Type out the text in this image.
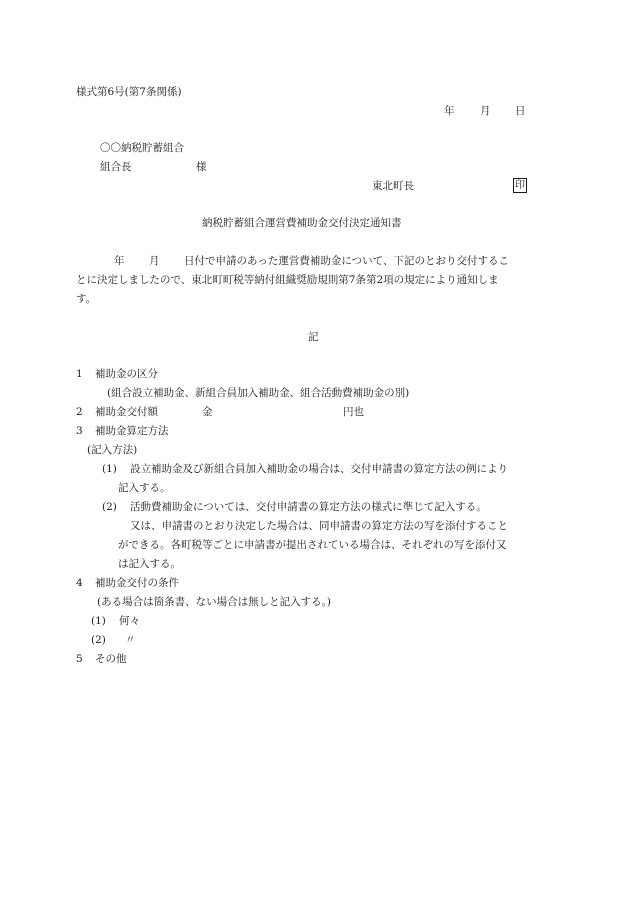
様式第6号(第7条関係)
年 月 日
〇〇納税貯蓄組合
組合長	様
東北町長	印
納税貯蓄組合運営費補助金交付決定通知書
年 月 日付で申請のあった運営費補助金について、下記のとおり交付するこ
とに決定しましたので、東北町町税等納付組織奨励規則第7条第2項の規定により通知しま
す。
記
1 補助金の区分
(組合設立補助金、新組合員加入補助金、組合活動費補助金の別)
2 補助金交付額	金	円也
3 補助金算定方法
(記入方法)
(1) 設立補助金及び新組合員加入補助金の場合は、交付申請書の算定方法の例により
記入する。
(2) 活動費補助金については、交付申請書の算定方法の様式に準じて記入する。
又は、申請書のとおり決定した場合は、同申請書の算定方法の写を添付すること
ができる。各町税等ごとに申請書が提出されている場合は、それぞれの写を添付又
は記入する。
4 補助金交付の条件
(ある場合は箇条書、ない場合は無しと記入する。)
(1) 何々
(2) 〃
5 その他
